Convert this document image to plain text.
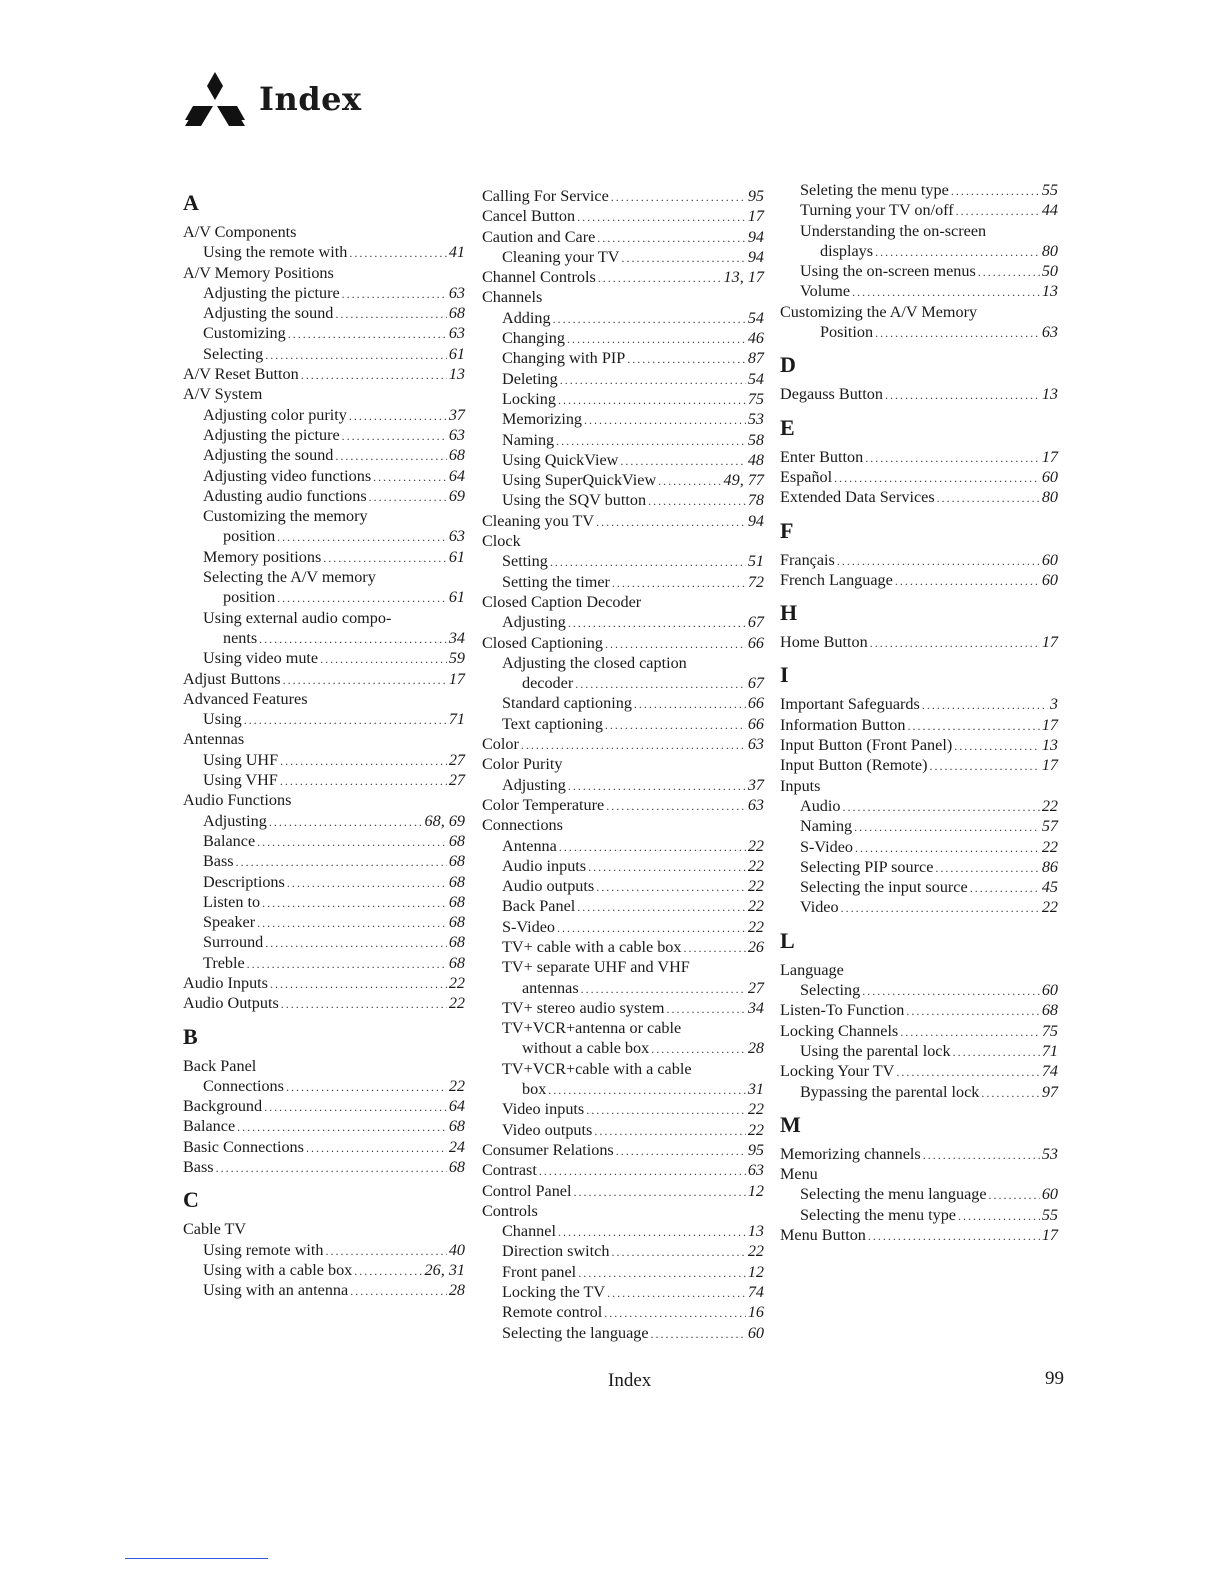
Index
A
A/V Components
Using the remote with .....	41
A/V Memory Positions
Adjusting the picture .....	63
Adjusting the sound .....	68
Customizing .....	63
Selecting .....	61
A/V Reset Button .....	13
A/V System
Adjusting color purity .....	37
Adjusting the picture .....	63
Adjusting the sound .....	68
Adjusting video functions .....	64
Adusting audio functions .....	69
Customizing the memory
position .....	63
Memory positions .....	61
Selecting the A/V memory
position .....	61
Using external audio compo-
nents .....	34
Using video mute .....	59
Adjust Buttons .....	17
Advanced Features
Using .....	71
Antennas
Using UHF .....	27
Using VHF .....	27
Audio Functions
Adjusting .....	68, 69
Balance .....	68
Bass .....	68
Descriptions .....	68
Listen to .....	68
Speaker .....	68
Surround .....	68
Treble .....	68
Audio Inputs .....	22
Audio Outputs .....	22
B
Back Panel
Connections .....	22
Background .....	64
Balance .....	68
Basic Connections .....	24
Bass .....	68
C
Cable TV
Using remote with .....	40
Using with a cable box .....	26, 31
Using with an antenna .....	28
Calling For Service .....	95
Cancel Button .....	17
Caution and Care .....	94
Cleaning your TV .....	94
Channel Controls .....	13, 17
Channels
Adding .....	54
Changing .....	46
Changing with PIP .....	87
Deleting .....	54
Locking .....	75
Memorizing .....	53
Naming .....	58
Using QuickView .....	48
Using SuperQuickView .....	49, 77
Using the SQV button .....	78
Cleaning you TV .....	94
Clock
Setting .....	51
Setting the timer .....	72
Closed Caption Decoder
Adjusting .....	67
Closed Captioning .....	66
Adjusting the closed caption
decoder .....	67
Standard captioning .....	66
Text captioning .....	66
Color .....	63
Color Purity
Adjusting .....	37
Color Temperature .....	63
Connections
Antenna .....	22
Audio inputs .....	22
Audio outputs .....	22
Back Panel .....	22
S-Video .....	22
TV+ cable with a cable box .....	26
TV+ separate UHF and VHF
antennas .....	27
TV+ stereo audio system .....	34
TV+VCR+antenna or cable
without a cable box .....	28
TV+VCR+cable with a cable
box .....	31
Video inputs .....	22
Video outputs .....	22
Consumer Relations .....	95
Contrast .....	63
Control Panel .....	12
Controls
Channel .....	13
Direction switch .....	22
Front panel .....	12
Locking the TV .....	74
Remote control .....	16
Selecting the language .....	60
Seleting the menu type .....	55
Turning your TV on/off .....	44
Understanding the on-screen
displays .....	80
Using the on-screen menus .....	50
Volume .....	13
Customizing the A/V Memory
Position .....	63
D
Degauss Button .....	13
E
Enter Button .....	17
Español .....	60
Extended Data Services .....	80
F
Français .....	60
French Language .....	60
H
Home Button .....	17
I
Important Safeguards .....	3
Information Button .....	17
Input Button (Front Panel) .....	13
Input Button (Remote) .....	17
Inputs
Audio .....	22
Naming .....	57
S-Video .....	22
Selecting PIP source .....	86
Selecting the input source .....	45
Video .....	22
L
Language
Selecting .....	60
Listen-To Function .....	68
Locking Channels .....	75
Using the parental lock .....	71
Locking Your TV .....	74
Bypassing the parental lock .....	97
M
Memorizing channels .....	53
Menu
Selecting the menu language .....	60
Selecting the menu type .....	55
Menu Button .....	17
Index	99
